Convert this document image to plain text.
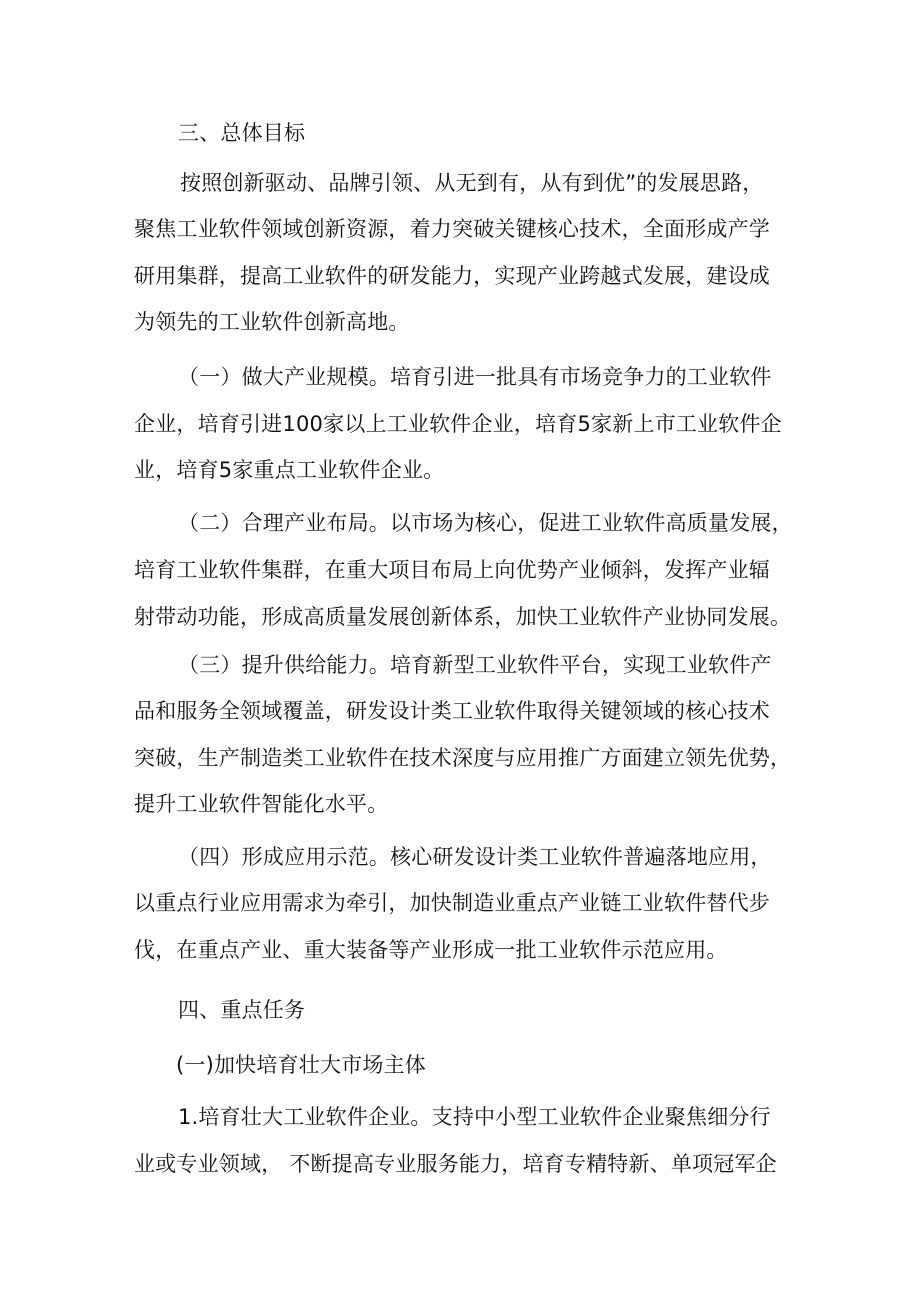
三、总体目标
按照创新驱动、品牌引领、从无到有，从有到优”的发展思路，
聚焦工业软件领域创新资源，着力突破关键核心技术，全面形成产学
研用集群，提高工业软件的研发能力，实现产业跨越式发展，建设成
为领先的工业软件创新高地。
（一）做大产业规模。培育引进一批具有市场竞争力的工业软件
企业，培育引进100家以上工业软件企业，培育5家新上市工业软件企
业，培育5家重点工业软件企业。
（二）合理产业布局。以市场为核心，促进工业软件高质量发展，
培育工业软件集群，在重大项目布局上向优势产业倾斜，发挥产业辐
射带动功能，形成高质量发展创新体系，加快工业软件产业协同发展。
（三）提升供给能力。培育新型工业软件平台，实现工业软件产
品和服务全领域覆盖，研发设计类工业软件取得关键领域的核心技术
突破，生产制造类工业软件在技术深度与应用推广方面建立领先优势，
提升工业软件智能化水平。
（四）形成应用示范。核心研发设计类工业软件普遍落地应用，
以重点行业应用需求为牵引，加快制造业重点产业链工业软件替代步
伐，在重点产业、重大装备等产业形成一批工业软件示范应用。
四、重点任务
(一)加快培育壮大市场主体
1.培育壮大工业软件企业。支持中小型工业软件企业聚焦细分行
业或专业领域， 不断提高专业服务能力，培育专精特新、单项冠军企
